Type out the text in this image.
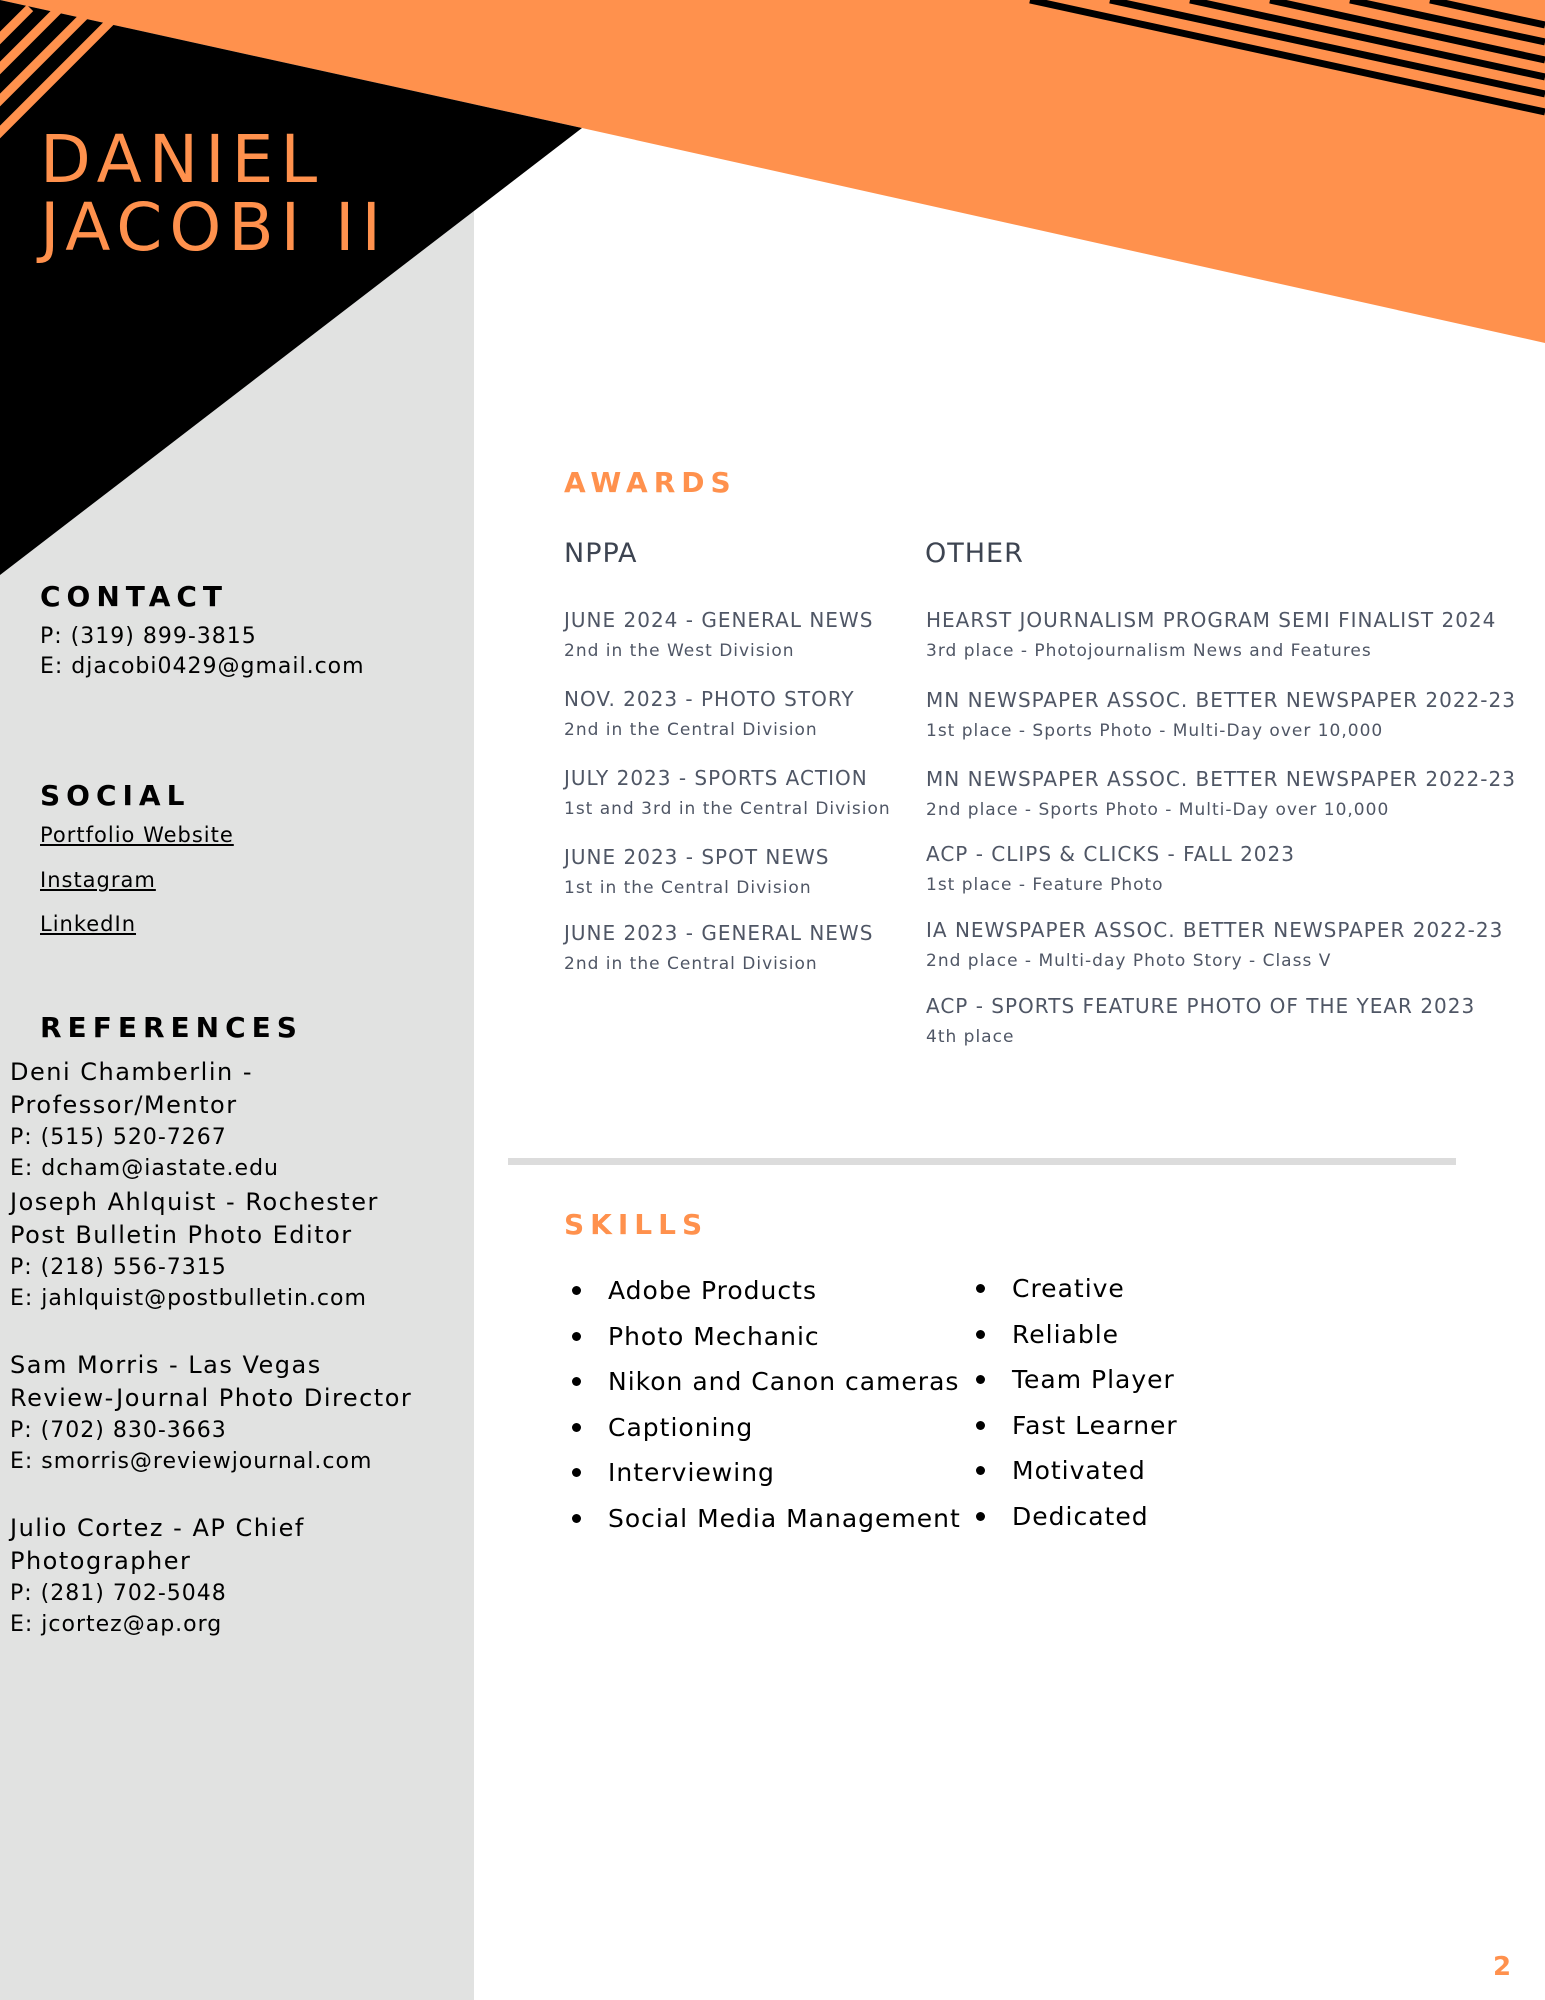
DANIEL
JACOBI II
CONTACT
P: (319) 899-3815
E: djacobi0429@gmail.com
SOCIAL
Portfolio Website
Instagram
LinkedIn
REFERENCES
Deni Chamberlin - Professor/Mentor
P: (515) 520-7267
E: dcham@iastate.edu
Joseph Ahlquist - Rochester
Post Bulletin Photo Editor
P: (218) 556-7315
E: jahlquist@postbulletin.com
Sam Morris - Las Vegas
Review-Journal Photo Director
P: (702) 830-3663
E: smorris@reviewjournal.com
Julio Cortez - AP Chief
Photographer
P: (281) 702-5048
E: jcortez@ap.org
AWARDS
NPPA	OTHER
JUNE 2024 - GENERAL NEWS
2nd in the West Division
NOV. 2023 - PHOTO STORY
2nd in the Central Division
JULY 2023 - SPORTS ACTION
1st and 3rd in the Central Division
JUNE 2023 - SPOT NEWS
1st in the Central Division
JUNE 2023 - GENERAL NEWS
2nd in the Central Division
HEARST JOURNALISM PROGRAM SEMI FINALIST 2024
3rd place - Photojournalism News and Features
MN NEWSPAPER ASSOC. BETTER NEWSPAPER 2022-23
1st place - Sports Photo - Multi-Day over 10,000
MN NEWSPAPER ASSOC. BETTER NEWSPAPER 2022-23
2nd place - Sports Photo - Multi-Day over 10,000
ACP - CLIPS & CLICKS - FALL 2023
1st place - Feature Photo
IA NEWSPAPER ASSOC. BETTER NEWSPAPER 2022-23
2nd place - Multi-day Photo Story - Class V
ACP - SPORTS FEATURE PHOTO OF THE YEAR 2023
4th place
SKILLS
Adobe Products
Photo Mechanic
Nikon and Canon cameras
Captioning
Interviewing
Social Media Management
Creative
Reliable
Team Player
Fast Learner
Motivated
Dedicated
2
